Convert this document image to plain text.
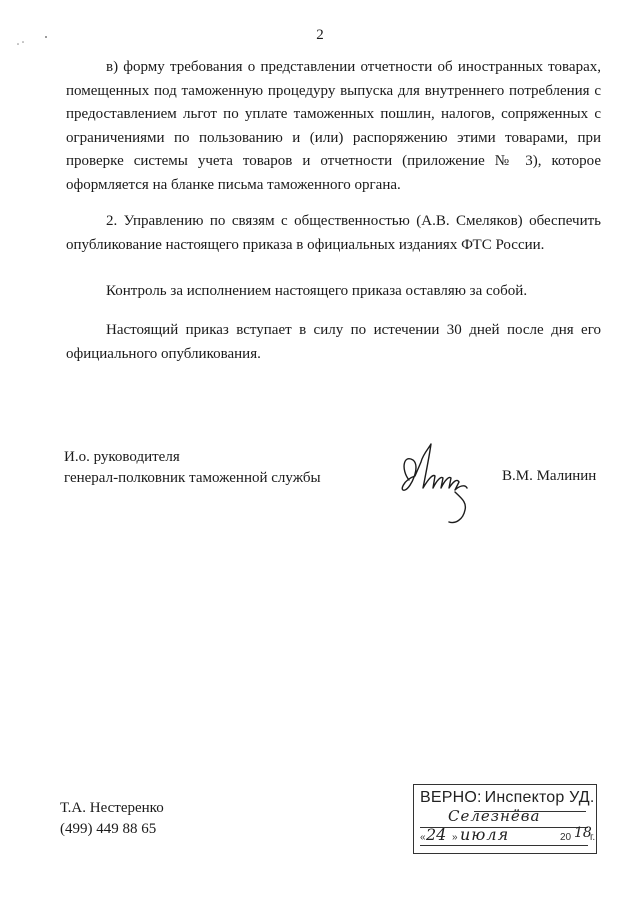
2

в) форму требования о представлении отчетности об иностранных товарах, помещенных под таможенную процедуру выпуска для внутреннего потребления с предоставлением льгот по уплате таможенных пошлин, налогов, сопряженных с ограничениями по пользованию и (или) распоряжению этими товарами, при проверке системы учета товаров и отчетности (приложение № 3), которое оформляется на бланке письма таможенного органа.

2. Управлению по связям с общественностью (А.В. Смеляков) обеспечить опубликование настоящего приказа в официальных изданиях ФТС России.

Контроль за исполнением настоящего приказа оставляю за собой.

Настоящий приказ вступает в силу по истечении 30 дней после дня его официального опубликования.

И.о. руководителя
генерал-полковник таможенной службы	В.М. Малинин
Т.А. Нестеренко
(499) 449 88 65
ВЕРНО: Инспектор УД.
Селезнёва
«	»	20 г.
24 июля	18
